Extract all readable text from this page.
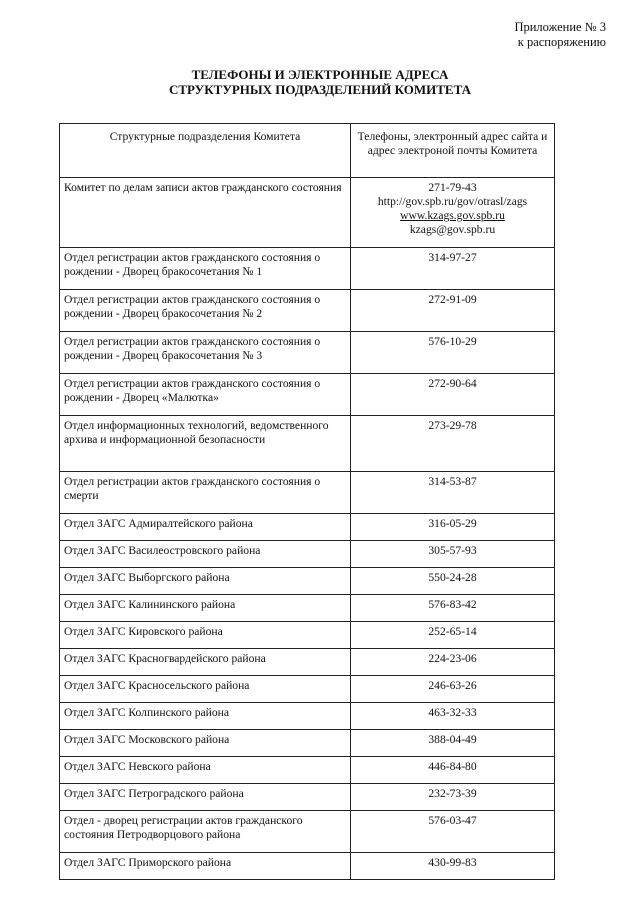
Приложение № 3
к распоряжению
ТЕЛЕФОНЫ И ЭЛЕКТРОННЫЕ АДРЕСА
СТРУКТУРНЫХ ПОДРАЗДЕЛЕНИЙ КОМИТЕТА
Структурные подразделения Комитета	Телефоны, электронный адрес сайта и адрес электроной почты Комитета
Комитет по делам записи актов гражданского состояния	271-79-43
http://gov.spb.ru/gov/otrasl/zags
www.kzags.gov.spb.ru
kzags@gov.spb.ru

Отдел регистрации актов гражданского состояния о рождении - Дворец бракосочетания № 1	314-97-27
Отдел регистрации актов гражданского состояния о рождении - Дворец бракосочетания № 2	272-91-09
Отдел регистрации актов гражданского состояния о рождении - Дворец бракосочетания № 3	576-10-29
Отдел регистрации актов гражданского состояния о рождении - Дворец «Малютка»	272-90-64
Отдел информационных технологий, ведомственного архива и информационной безопасности	273-29-78
Отдел регистрации актов гражданского состояния о смерти	314-53-87
Отдел ЗАГС Адмиралтейского района	316-05-29
Отдел ЗАГС Василеостровского района	305-57-93
Отдел ЗАГС Выборгского района	550-24-28
Отдел ЗАГС Калининского района	576-83-42
Отдел ЗАГС Кировского района	252-65-14
Отдел ЗАГС Красногвардейского района	224-23-06
Отдел ЗАГС Красносельского района	246-63-26
Отдел ЗАГС Колпинского района	463-32-33
Отдел ЗАГС Московского района	388-04-49
Отдел ЗАГС Невского района	446-84-80
Отдел ЗАГС Петроградского района	232-73-39
Отдел - дворец регистрации актов гражданского состояния Петродворцового района	576-03-47
Отдел ЗАГС Приморского района	430-99-83
